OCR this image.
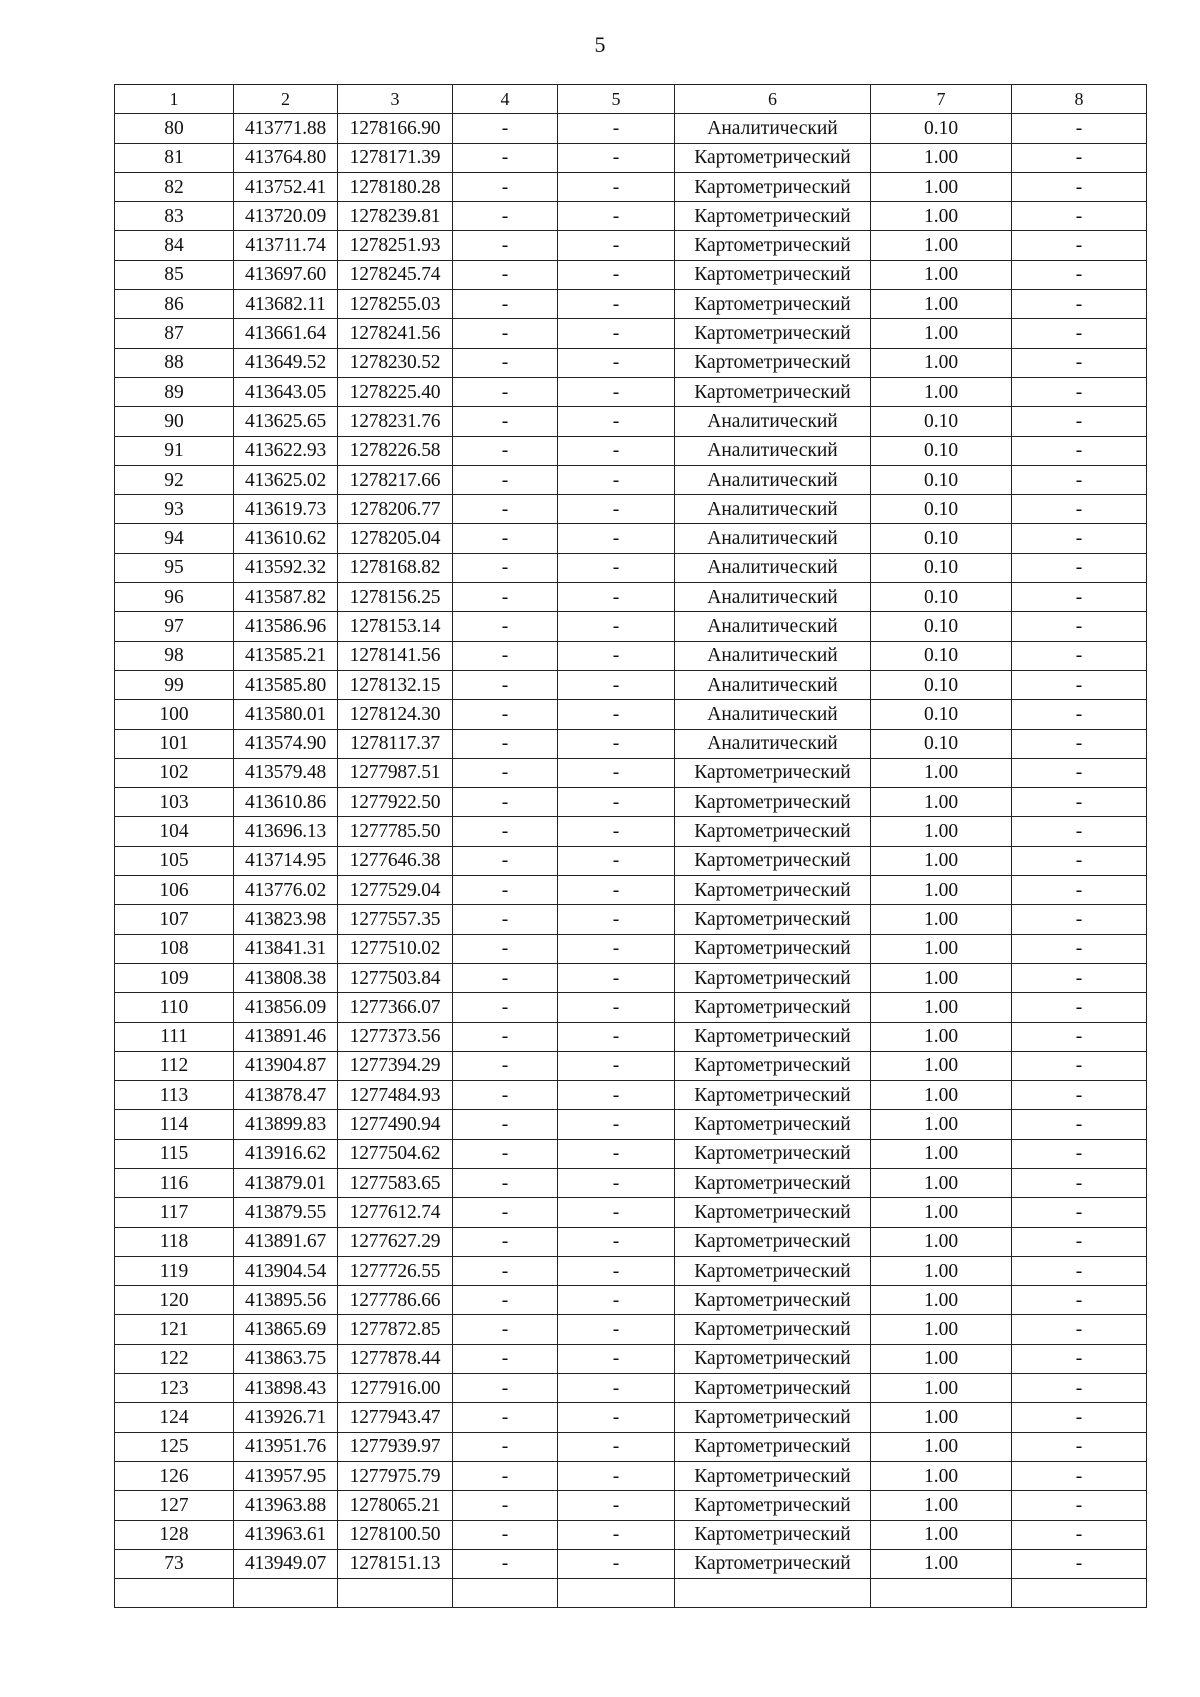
5
1	2	3	4	5	6	7	8
80	413771.88	1278166.90	-	-	Аналитический	0.10	-
81	413764.80	1278171.39	-	-	Картометрический	1.00	-
82	413752.41	1278180.28	-	-	Картометрический	1.00	-
83	413720.09	1278239.81	-	-	Картометрический	1.00	-
84	413711.74	1278251.93	-	-	Картометрический	1.00	-
85	413697.60	1278245.74	-	-	Картометрический	1.00	-
86	413682.11	1278255.03	-	-	Картометрический	1.00	-
87	413661.64	1278241.56	-	-	Картометрический	1.00	-
88	413649.52	1278230.52	-	-	Картометрический	1.00	-
89	413643.05	1278225.40	-	-	Картометрический	1.00	-
90	413625.65	1278231.76	-	-	Аналитический	0.10	-
91	413622.93	1278226.58	-	-	Аналитический	0.10	-
92	413625.02	1278217.66	-	-	Аналитический	0.10	-
93	413619.73	1278206.77	-	-	Аналитический	0.10	-
94	413610.62	1278205.04	-	-	Аналитический	0.10	-
95	413592.32	1278168.82	-	-	Аналитический	0.10	-
96	413587.82	1278156.25	-	-	Аналитический	0.10	-
97	413586.96	1278153.14	-	-	Аналитический	0.10	-
98	413585.21	1278141.56	-	-	Аналитический	0.10	-
99	413585.80	1278132.15	-	-	Аналитический	0.10	-
100	413580.01	1278124.30	-	-	Аналитический	0.10	-
101	413574.90	1278117.37	-	-	Аналитический	0.10	-
102	413579.48	1277987.51	-	-	Картометрический	1.00	-
103	413610.86	1277922.50	-	-	Картометрический	1.00	-
104	413696.13	1277785.50	-	-	Картометрический	1.00	-
105	413714.95	1277646.38	-	-	Картометрический	1.00	-
106	413776.02	1277529.04	-	-	Картометрический	1.00	-
107	413823.98	1277557.35	-	-	Картометрический	1.00	-
108	413841.31	1277510.02	-	-	Картометрический	1.00	-
109	413808.38	1277503.84	-	-	Картометрический	1.00	-
110	413856.09	1277366.07	-	-	Картометрический	1.00	-
111	413891.46	1277373.56	-	-	Картометрический	1.00	-
112	413904.87	1277394.29	-	-	Картометрический	1.00	-
113	413878.47	1277484.93	-	-	Картометрический	1.00	-
114	413899.83	1277490.94	-	-	Картометрический	1.00	-
115	413916.62	1277504.62	-	-	Картометрический	1.00	-
116	413879.01	1277583.65	-	-	Картометрический	1.00	-
117	413879.55	1277612.74	-	-	Картометрический	1.00	-
118	413891.67	1277627.29	-	-	Картометрический	1.00	-
119	413904.54	1277726.55	-	-	Картометрический	1.00	-
120	413895.56	1277786.66	-	-	Картометрический	1.00	-
121	413865.69	1277872.85	-	-	Картометрический	1.00	-
122	413863.75	1277878.44	-	-	Картометрический	1.00	-
123	413898.43	1277916.00	-	-	Картометрический	1.00	-
124	413926.71	1277943.47	-	-	Картометрический	1.00	-
125	413951.76	1277939.97	-	-	Картометрический	1.00	-
126	413957.95	1277975.79	-	-	Картометрический	1.00	-
127	413963.88	1278065.21	-	-	Картометрический	1.00	-
128	413963.61	1278100.50	-	-	Картометрический	1.00	-
73	413949.07	1278151.13	-	-	Картометрический	1.00	-
